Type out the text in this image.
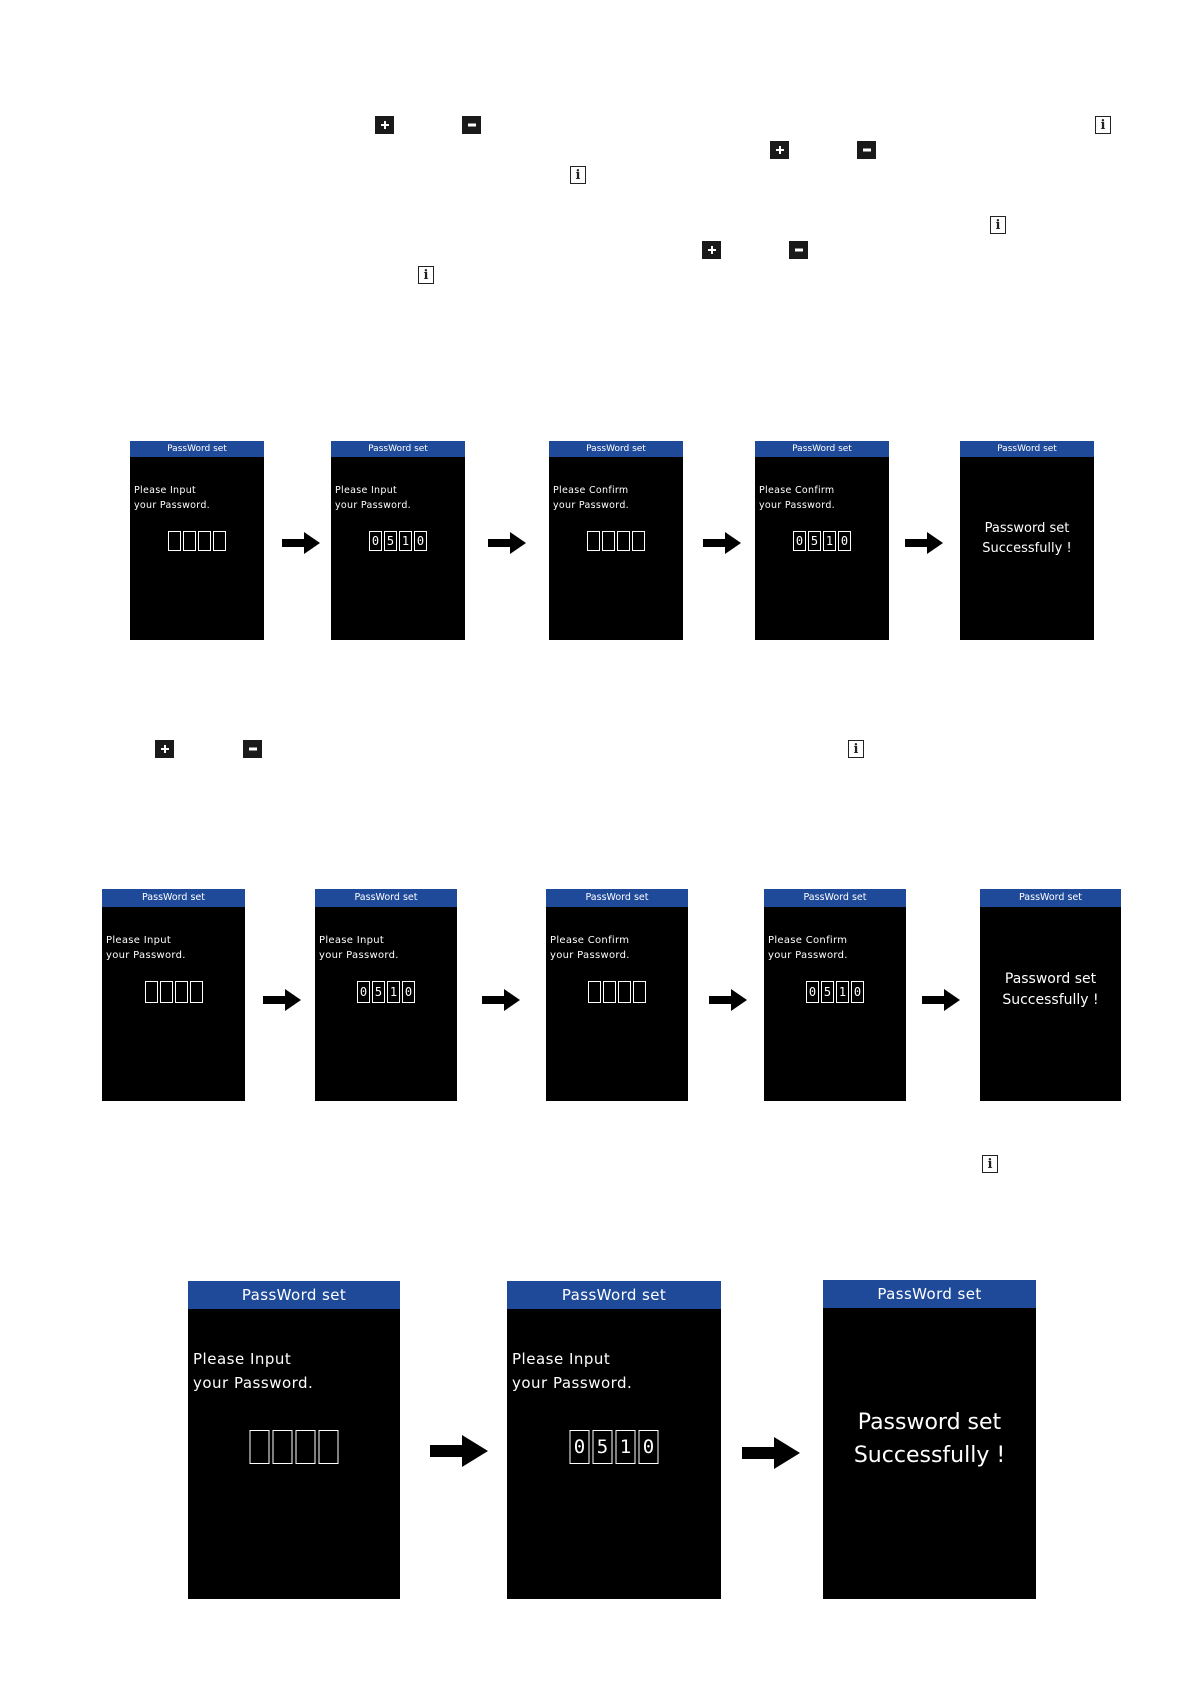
i
i
i
i
PassWord set
Please Input
your Password.
PassWord set
Please Input
your Password.
0 5 1 0
PassWord set
Please Confirm
your Password.
PassWord set
Please Confirm
your Password.
0 5 1 0
PassWord set
Password set
Successfully !
i
PassWord set
Please Input
your Password.
PassWord set
Please Input
your Password.
0 5 1 0
PassWord set
Please Confirm
your Password.
PassWord set
Please Confirm
your Password.
0 5 1 0
PassWord set
Password set
Successfully !
i
PassWord set
Please Input
your Password.
PassWord set
Please Input
your Password.
0 5 1 0
PassWord set
Password set
Successfully !
